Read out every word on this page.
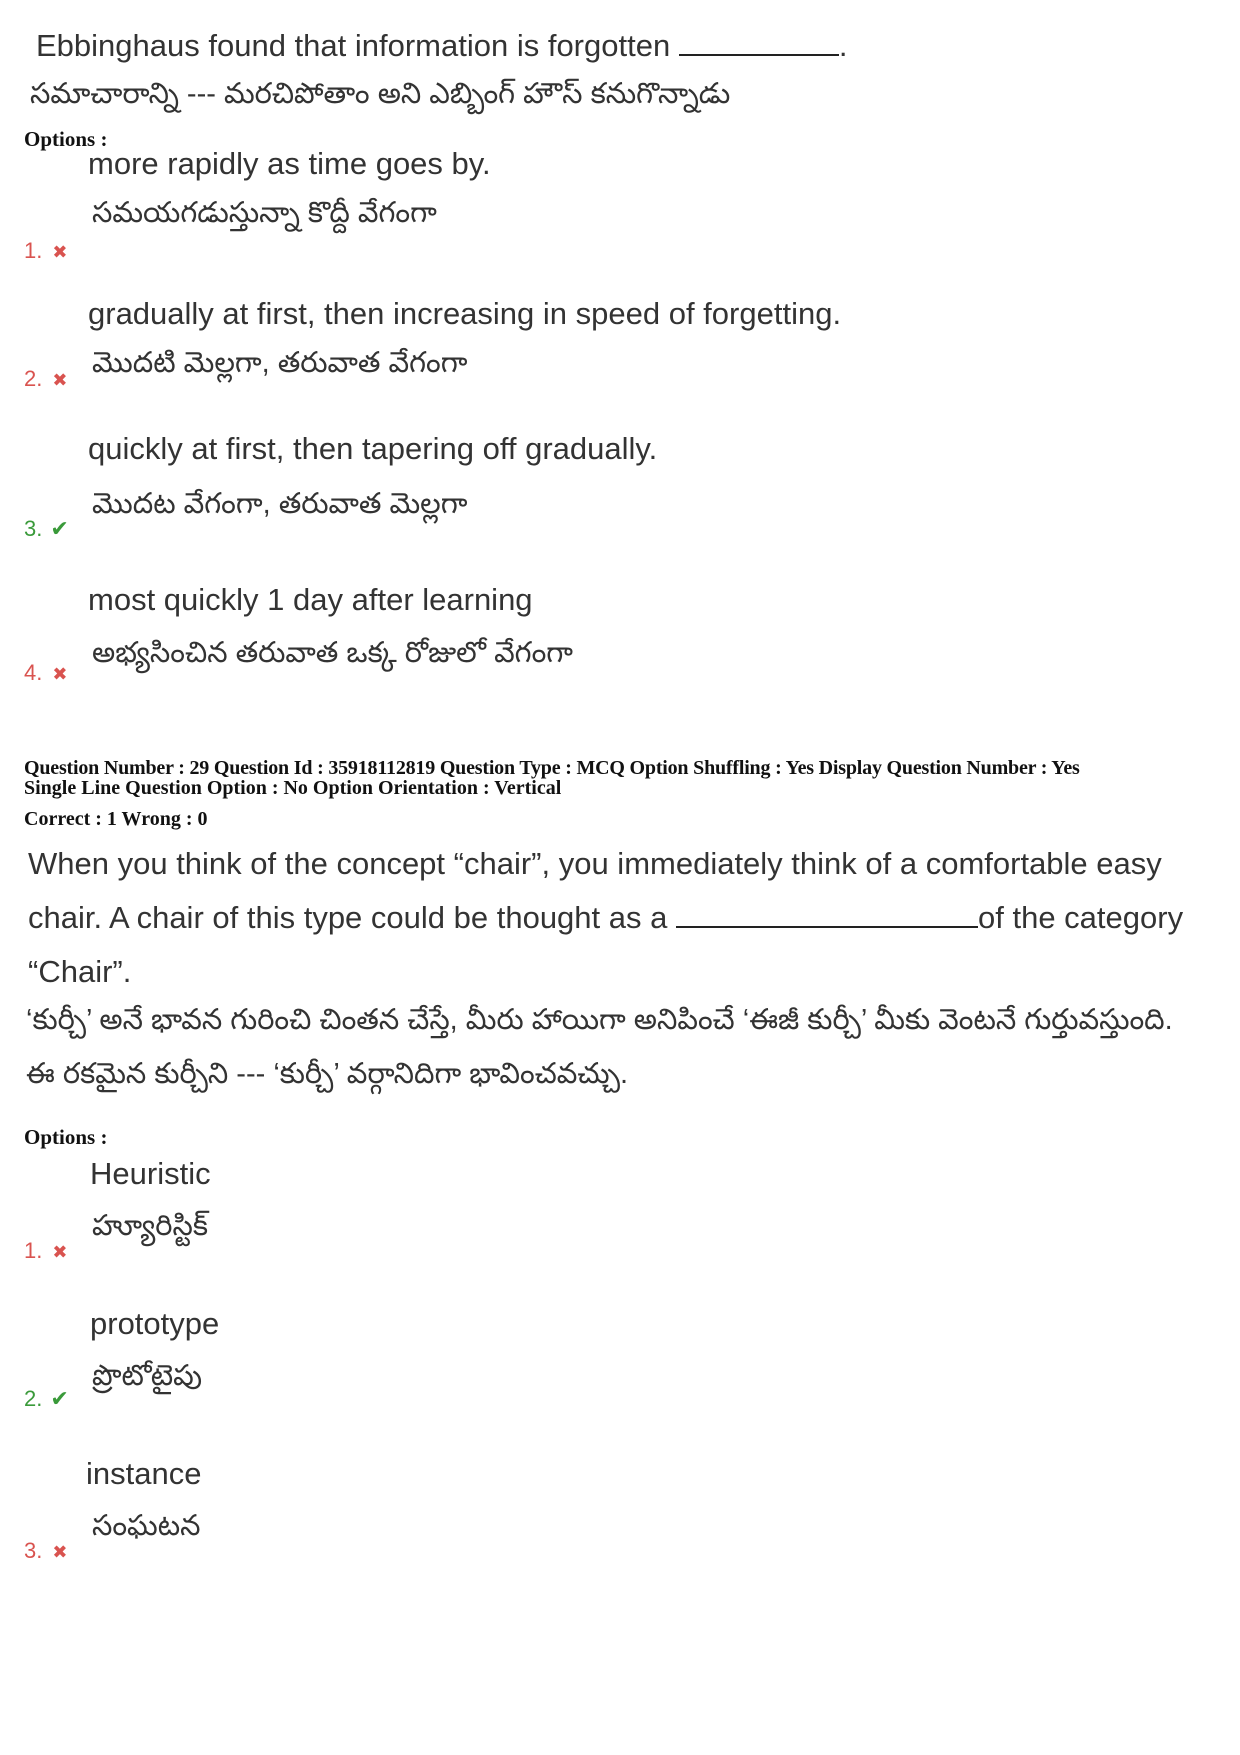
Ebbinghaus found that information is forgotten	.
సమాచారాన్ని --- మరచిపోతాం అని ఎబ్బింగ్ హౌస్ కనుగొన్నాడు
Options :
more rapidly as time goes by.
సమయగడుస్తున్నా కొద్దీ వేగంగా
1. ✖
gradually at first, then increasing in speed of forgetting.
మొదటి మెల్లగా, తరువాత వేగంగా
2. ✖
quickly at first, then tapering off gradually.
మొదట వేగంగా, తరువాత మెల్లగా
3. ✔
most quickly 1 day after learning
అభ్యసించిన తరువాత ఒక్క రోజులో వేగంగా
4. ✖
Question Number : 29 Question Id : 35918112819 Question Type : MCQ Option Shuffling : Yes Display Question Number : Yes
Single Line Question Option : No Option Orientation : Vertical
Correct : 1 Wrong : 0
When you think of the concept “chair”, you immediately think of a comfortable easy
chair. A chair of this type could be thought as a	of the category
“Chair”.
‘కుర్చీ’ అనే భావన గురించి చింతన చేస్తే, మీరు హాయిగా అనిపించే ‘ఈజీ కుర్చీ’ మీకు వెంటనే గుర్తువస్తుంది.
ఈ రకమైన కుర్చీని --- ‘కుర్చీ’ వర్గానిదిగా భావించవచ్చు.
Options :
Heuristic
హ్యూరిస్టిక్
1. ✖
prototype
ప్రొటోటైపు
2. ✔
instance
సంఘటన
3. ✖
